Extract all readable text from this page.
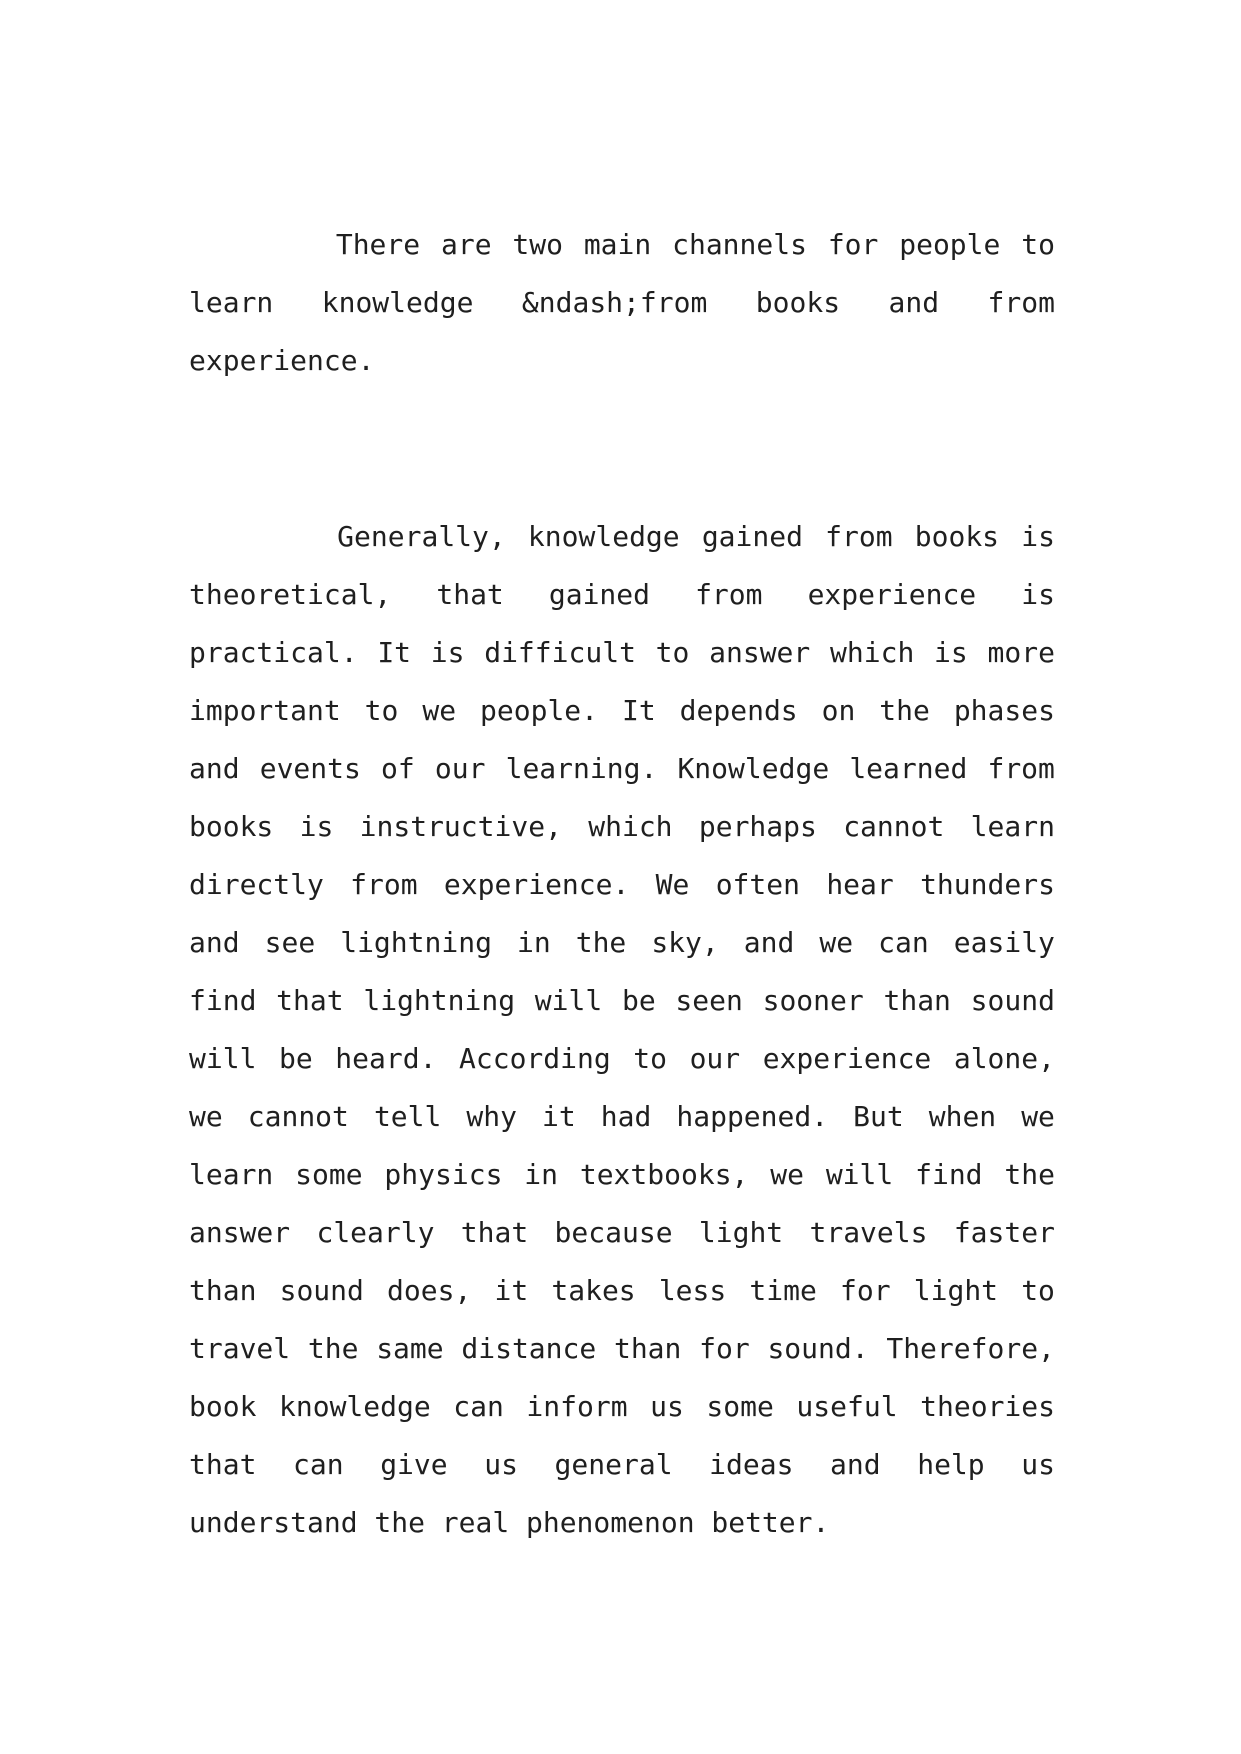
There are two main channels for people to
learn knowledge &ndash;from books and from
experience.
Generally, knowledge gained from books is
theoretical, that gained from experience is
practical. It is difficult to answer which is more
important to we people. It depends on the phases
and events of our learning. Knowledge learned from
books is instructive, which perhaps cannot learn
directly from experience. We often hear thunders
and see lightning in the sky, and we can easily
find that lightning will be seen sooner than sound
will be heard. According to our experience alone,
we cannot tell why it had happened. But when we
learn some physics in textbooks, we will find the
answer clearly that because light travels faster
than sound does, it takes less time for light to
travel the same distance than for sound. Therefore,
book knowledge can inform us some useful theories
that can give us general ideas and help us
understand the real phenomenon better.
